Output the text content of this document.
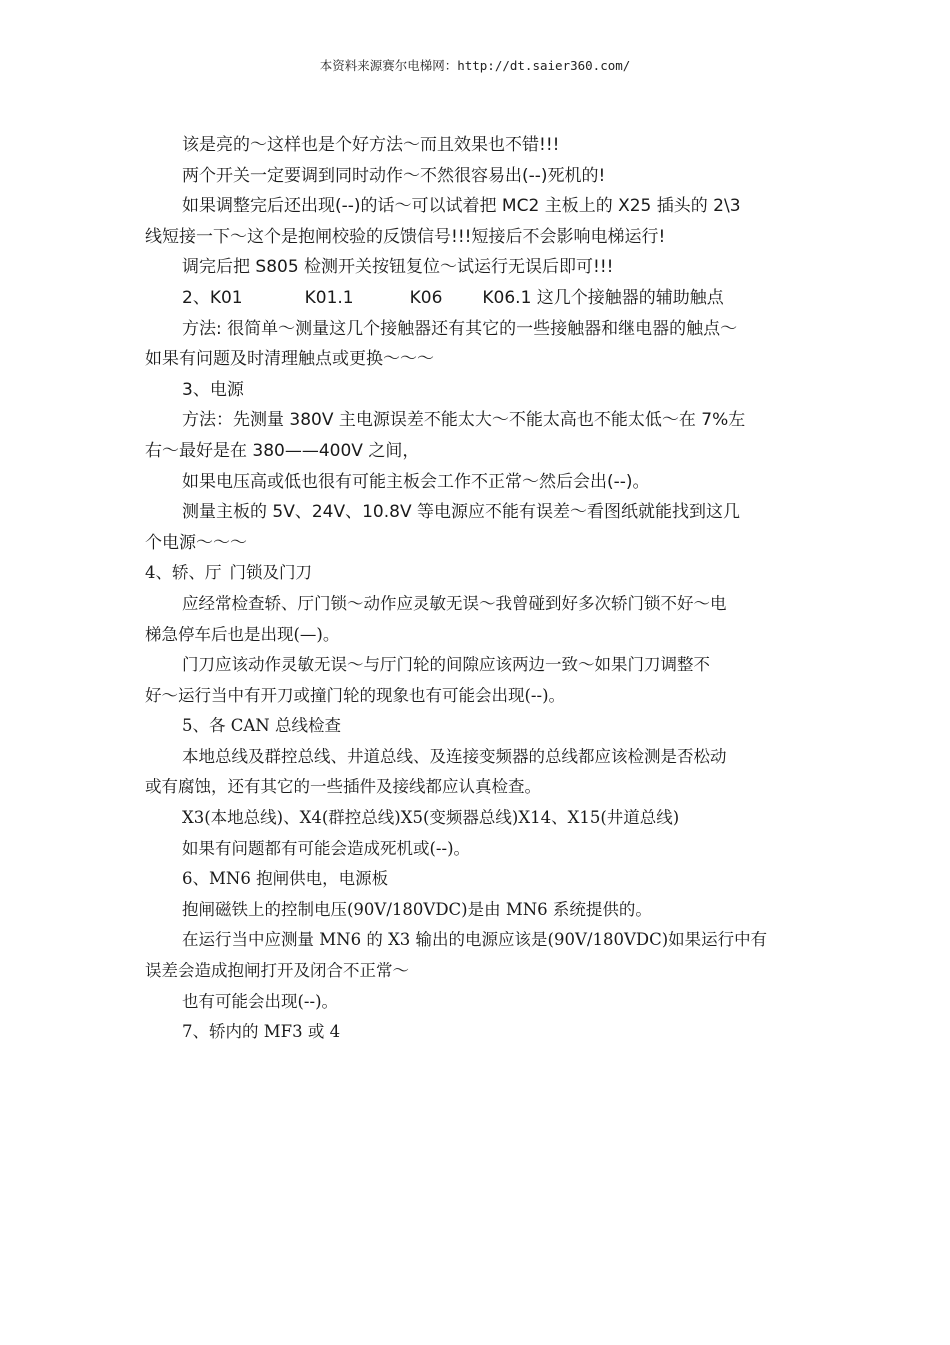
本资料来源赛尔电梯网：http://dt.saier360.com/
该是亮的～这样也是个好方法～而且效果也不错!!!
两个开关一定要调到同时动作～不然很容易出(--)死机的!
如果调整完后还出现(--)的话～可以试着把 MC2 主板上的 X25 插头的 2\3
线短接一下～这个是抱闸校验的反馈信号!!!短接后不会影响电梯运行!
调完后把 S805 检测开关按钮复位～试运行无误后即可!!!
2、K01	K01.1	K06 K06.1 这几个接触器的辅助触点
方法: 很简单～测量这几个接触器还有其它的一些接触器和继电器的触点～
如果有问题及时清理触点或更换～～～
3、电源
方法：先测量 380V 主电源误差不能太大～不能太高也不能太低～在 7%左
右～最好是在 380——400V 之间，
如果电压高或低也很有可能主板会工作不正常～然后会出(--)。
测量主板的 5V、24V、10.8V 等电源应不能有误差～看图纸就能找到这几
个电源～～～
4、轿、厅 门锁及门刀
应经常检查轿、厅门锁～动作应灵敏无误～我曾碰到好多次轿门锁不好～电
梯急停车后也是出现(—)。
门刀应该动作灵敏无误～与厅门轮的间隙应该两边一致～如果门刀调整不
好～运行当中有开刀或撞门轮的现象也有可能会出现(--)。
5、各 CAN 总线检查
本地总线及群控总线、井道总线、及连接变频器的总线都应该检测是否松动
或有腐蚀，还有其它的一些插件及接线都应认真检查。
X3(本地总线)、X4(群控总线)X5(变频器总线)X14、X15(井道总线)
如果有问题都有可能会造成死机或(--)。
6、MN6 抱闸供电，电源板
抱闸磁铁上的控制电压(90V/180VDC)是由 MN6 系统提供的。
在运行当中应测量 MN6 的 X3 输出的电源应该是(90V/180VDC)如果运行中有
误差会造成抱闸打开及闭合不正常～
也有可能会出现(--)。
7、轿内的 MF3 或 4
